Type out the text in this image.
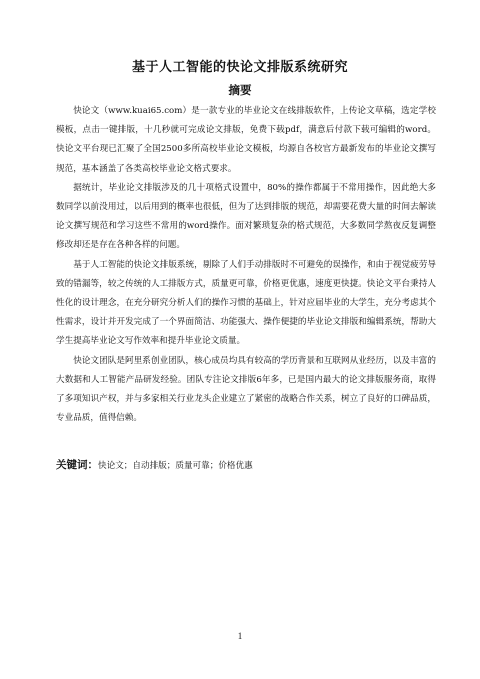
基于人工智能的快论文排版系统研究
摘要

快论文（www.kuai65.com）是一款专业的毕业论文在线排版软件，上传论文草稿，选定学校模板，点击一键排版，十几秒就可完成论文排版，免费下载pdf，满意后付款下载可编辑的word。快论文平台现已汇聚了全国2500多所高校毕业论文模板，均源自各校官方最新发布的毕业论文撰写规范，基本涵盖了各类高校毕业论文格式要求。

据统计，毕业论文排版涉及的几十项格式设置中，80%的操作都属于不常用操作，因此绝大多数同学以前没用过，以后用到的概率也很低，但为了达到排版的规范，却需要花费大量的时间去解读论文撰写规范和学习这些不常用的word操作。面对繁琐复杂的格式规范，大多数同学熬夜反复调整修改却还是存在各种各样的问题。

基于人工智能的快论文排版系统，剔除了人们手动排版时不可避免的误操作，和由于视觉疲劳导致的错漏等，较之传统的人工排版方式，质量更可靠，价格更优惠，速度更快捷。快论文平台秉持人性化的设计理念，在充分研究分析人们的操作习惯的基础上，针对应届毕业的大学生，充分考虑其个性需求，设计并开发完成了一个界面简洁、功能强大、操作便捷的毕业论文排版和编辑系统，帮助大学生提高毕业论文写作效率和提升毕业论文质量。

快论文团队是阿里系创业团队，核心成员均具有较高的学历背景和互联网从业经历，以及丰富的大数据和人工智能产品研发经验。团队专注论文排版6年多，已是国内最大的论文排版服务商，取得了多项知识产权，并与多家相关行业龙头企业建立了紧密的战略合作关系，树立了良好的口碑品质，专业品质，值得信赖。

关键词：快论文；自动排版；质量可靠；价格优惠
1
